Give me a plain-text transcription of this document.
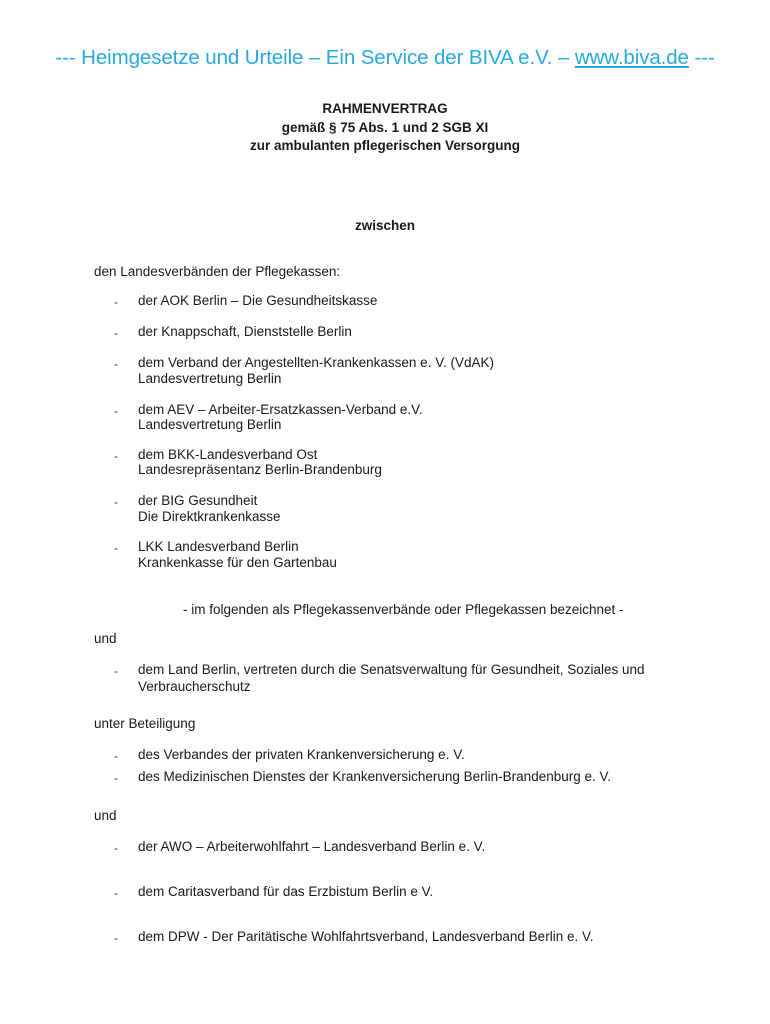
--- Heimgesetze und Urteile – Ein Service der BIVA e.V. – www.biva.de ---
RAHMENVERTRAG
gemäß § 75 Abs. 1 und 2 SGB XI
zur ambulanten pflegerischen Versorgung
zwischen
den Landesverbänden der Pflegekassen:
- der AOK Berlin – Die Gesundheitskasse
- der Knappschaft, Dienststelle Berlin
- dem Verband der Angestellten-Krankenkassen e. V. (VdAK)
Landesvertretung Berlin
- dem AEV – Arbeiter-Ersatzkassen-Verband e.V.
Landesvertretung Berlin
- dem BKK-Landesverband Ost
Landesrepräsentanz Berlin-Brandenburg
- der BIG Gesundheit
Die Direktkrankenkasse
- LKK Landesverband Berlin
Krankenkasse für den Gartenbau
- im folgenden als Pflegekassenverbände oder Pflegekassen bezeichnet -
und
- dem Land Berlin, vertreten durch die Senatsverwaltung für Gesundheit, Soziales und
Verbraucherschutz
unter Beteiligung
- des Verbandes der privaten Krankenversicherung e. V.
- des Medizinischen Dienstes der Krankenversicherung Berlin-Brandenburg e. V.
und
- der AWO – Arbeiterwohlfahrt – Landesverband Berlin e. V.
- dem Caritasverband für das Erzbistum Berlin e V.
- dem DPW - Der Paritätische Wohlfahrtsverband, Landesverband Berlin e. V.
